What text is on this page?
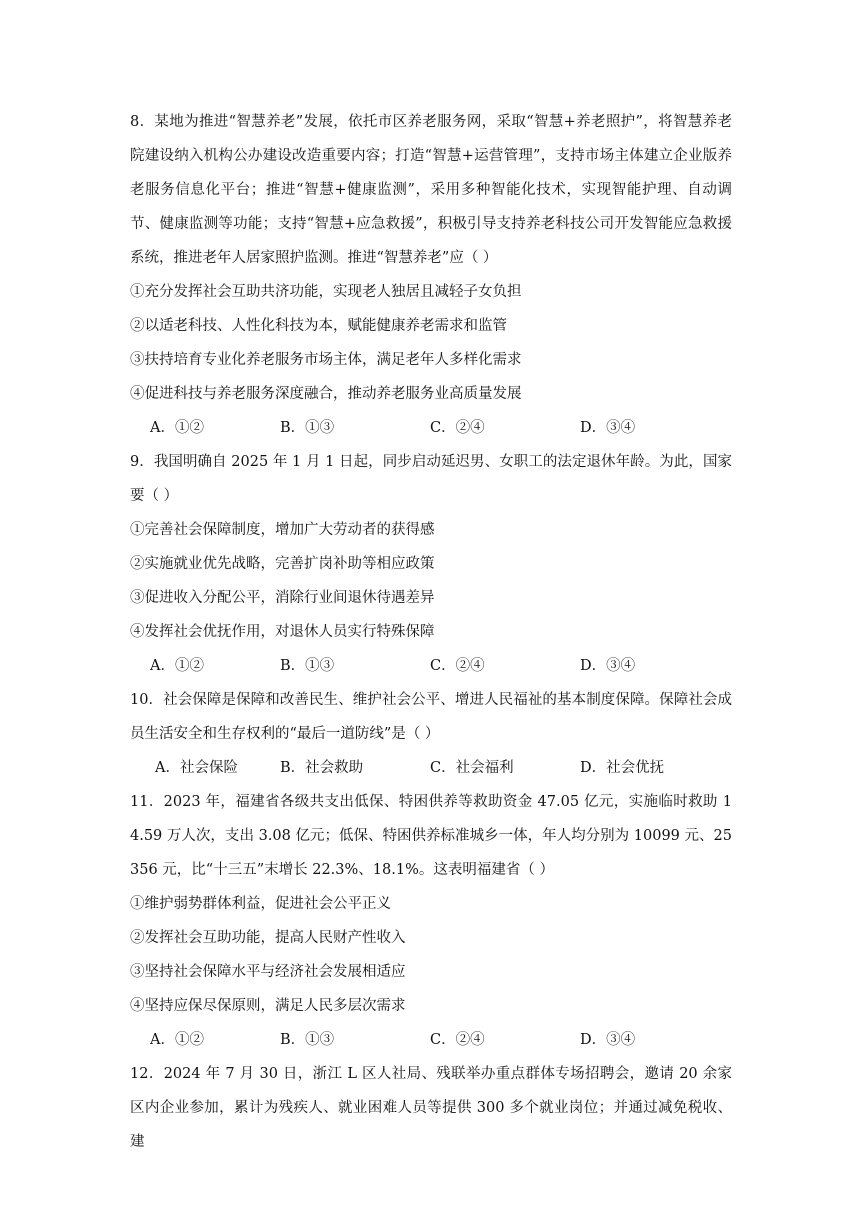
8．某地为推进“智慧养老”发展，依托市区养老服务网，采取“智慧+养老照护”，将智慧养老院建设纳入机构公办建设改造重要内容；打造“智慧+运营管理”，支持市场主体建立企业版养老服务信息化平台；推进“智慧+健康监测”，采用多种智能化技术，实现智能护理、自动调节、健康监测等功能；支持“智慧+应急救援”，积极引导支持养老科技公司开发智能应急救援系统，推进老年人居家照护监测。推进“智慧养老”应（ ）

①充分发挥社会互助共济功能，实现老人独居且减轻子女负担

②以适老科技、人性化科技为本，赋能健康养老需求和监管

③扶持培育专业化养老服务市场主体，满足老年人多样化需求

④促进科技与养老服务深度融合，推动养老服务业高质量发展

A．①②	B．①③	C．②④	D．③④

9．我国明确自 2025 年 1 月 1 日起，同步启动延迟男、女职工的法定退休年龄。为此，国家要（ ）

①完善社会保障制度，增加广大劳动者的获得感

②实施就业优先战略，完善扩岗补助等相应政策

③促进收入分配公平，消除行业间退休待遇差异

④发挥社会优抚作用，对退休人员实行特殊保障

A．①②	B．①③	C．②④	D．③④

10．社会保障是保障和改善民生、维护社会公平、增进人民福祉的基本制度保障。保障社会成员生活安全和生存权利的“最后一道防线”是（ ）

A．社会保险	B．社会救助	C．社会福利	D．社会优抚

11．2023 年，福建省各级共支出低保、特困供养等救助资金 47.05 亿元，实施临时救助 14.59 万人次，支出 3.08 亿元；低保、特困供养标准城乡一体，年人均分别为 10099 元、25356 元，比“十三五”末增长 22.3%、18.1%。这表明福建省（ ）

①维护弱势群体利益，促进社会公平正义

②发挥社会互助功能，提高人民财产性收入

③坚持社会保障水平与经济社会发展相适应

④坚持应保尽保原则，满足人民多层次需求

A．①②	B．①③	C．②④	D．③④

12．2024 年 7 月 30 日，浙江 L 区人社局、残联举办重点群体专场招聘会，邀请 20 余家区内企业参加，累计为残疾人、就业困难人员等提供 300 多个就业岗位；并通过减免税收、建
